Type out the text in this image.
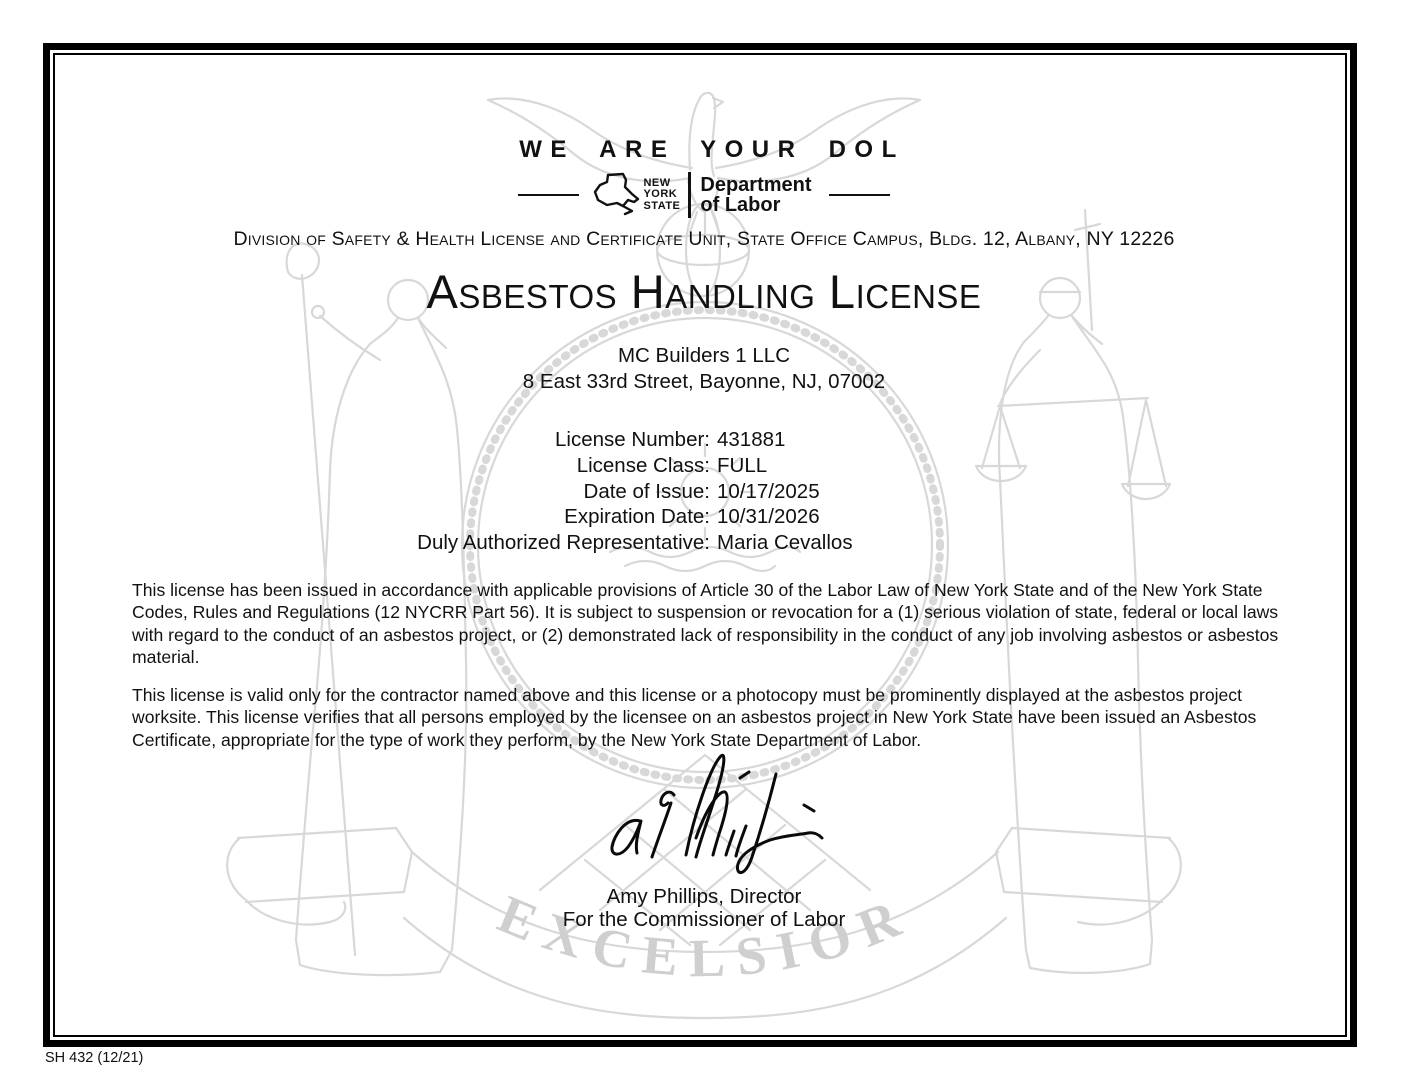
EXCELSIOR
WE ARE YOUR DOL
NEW
YORK
STATE
Department
of Labor
Division of Safety & Health License and Certificate Unit, State Office Campus, Bldg. 12, Albany, NY 12226
Asbestos Handling License
MC Builders 1 LLC
8 East 33rd Street, Bayonne, NJ, 07002
License Number: 431881
License Class: FULL
Date of Issue: 10/17/2025
Expiration Date: 10/31/2026
Duly Authorized Representative: Maria Cevallos

This license has been issued in accordance with applicable provisions of Article 30 of the Labor Law of New York State and of the New York State Codes, Rules and Regulations (12 NYCRR Part 56). It is subject to suspension or revocation for a (1) serious violation of state, federal or local laws with regard to the conduct of an asbestos project, or (2) demonstrated lack of responsibility in the conduct of any job involving asbestos or asbestos material.

This license is valid only for the contractor named above and this license or a photocopy must be prominently displayed at the asbestos project worksite. This license verifies that all persons employed by the licensee on an asbestos project in New York State have been issued an Asbestos Certificate, appropriate for the type of work they perform, by the New York State Department of Labor.

Amy Phillips, Director
For the Commissioner of Labor
SH 432 (12/21)
